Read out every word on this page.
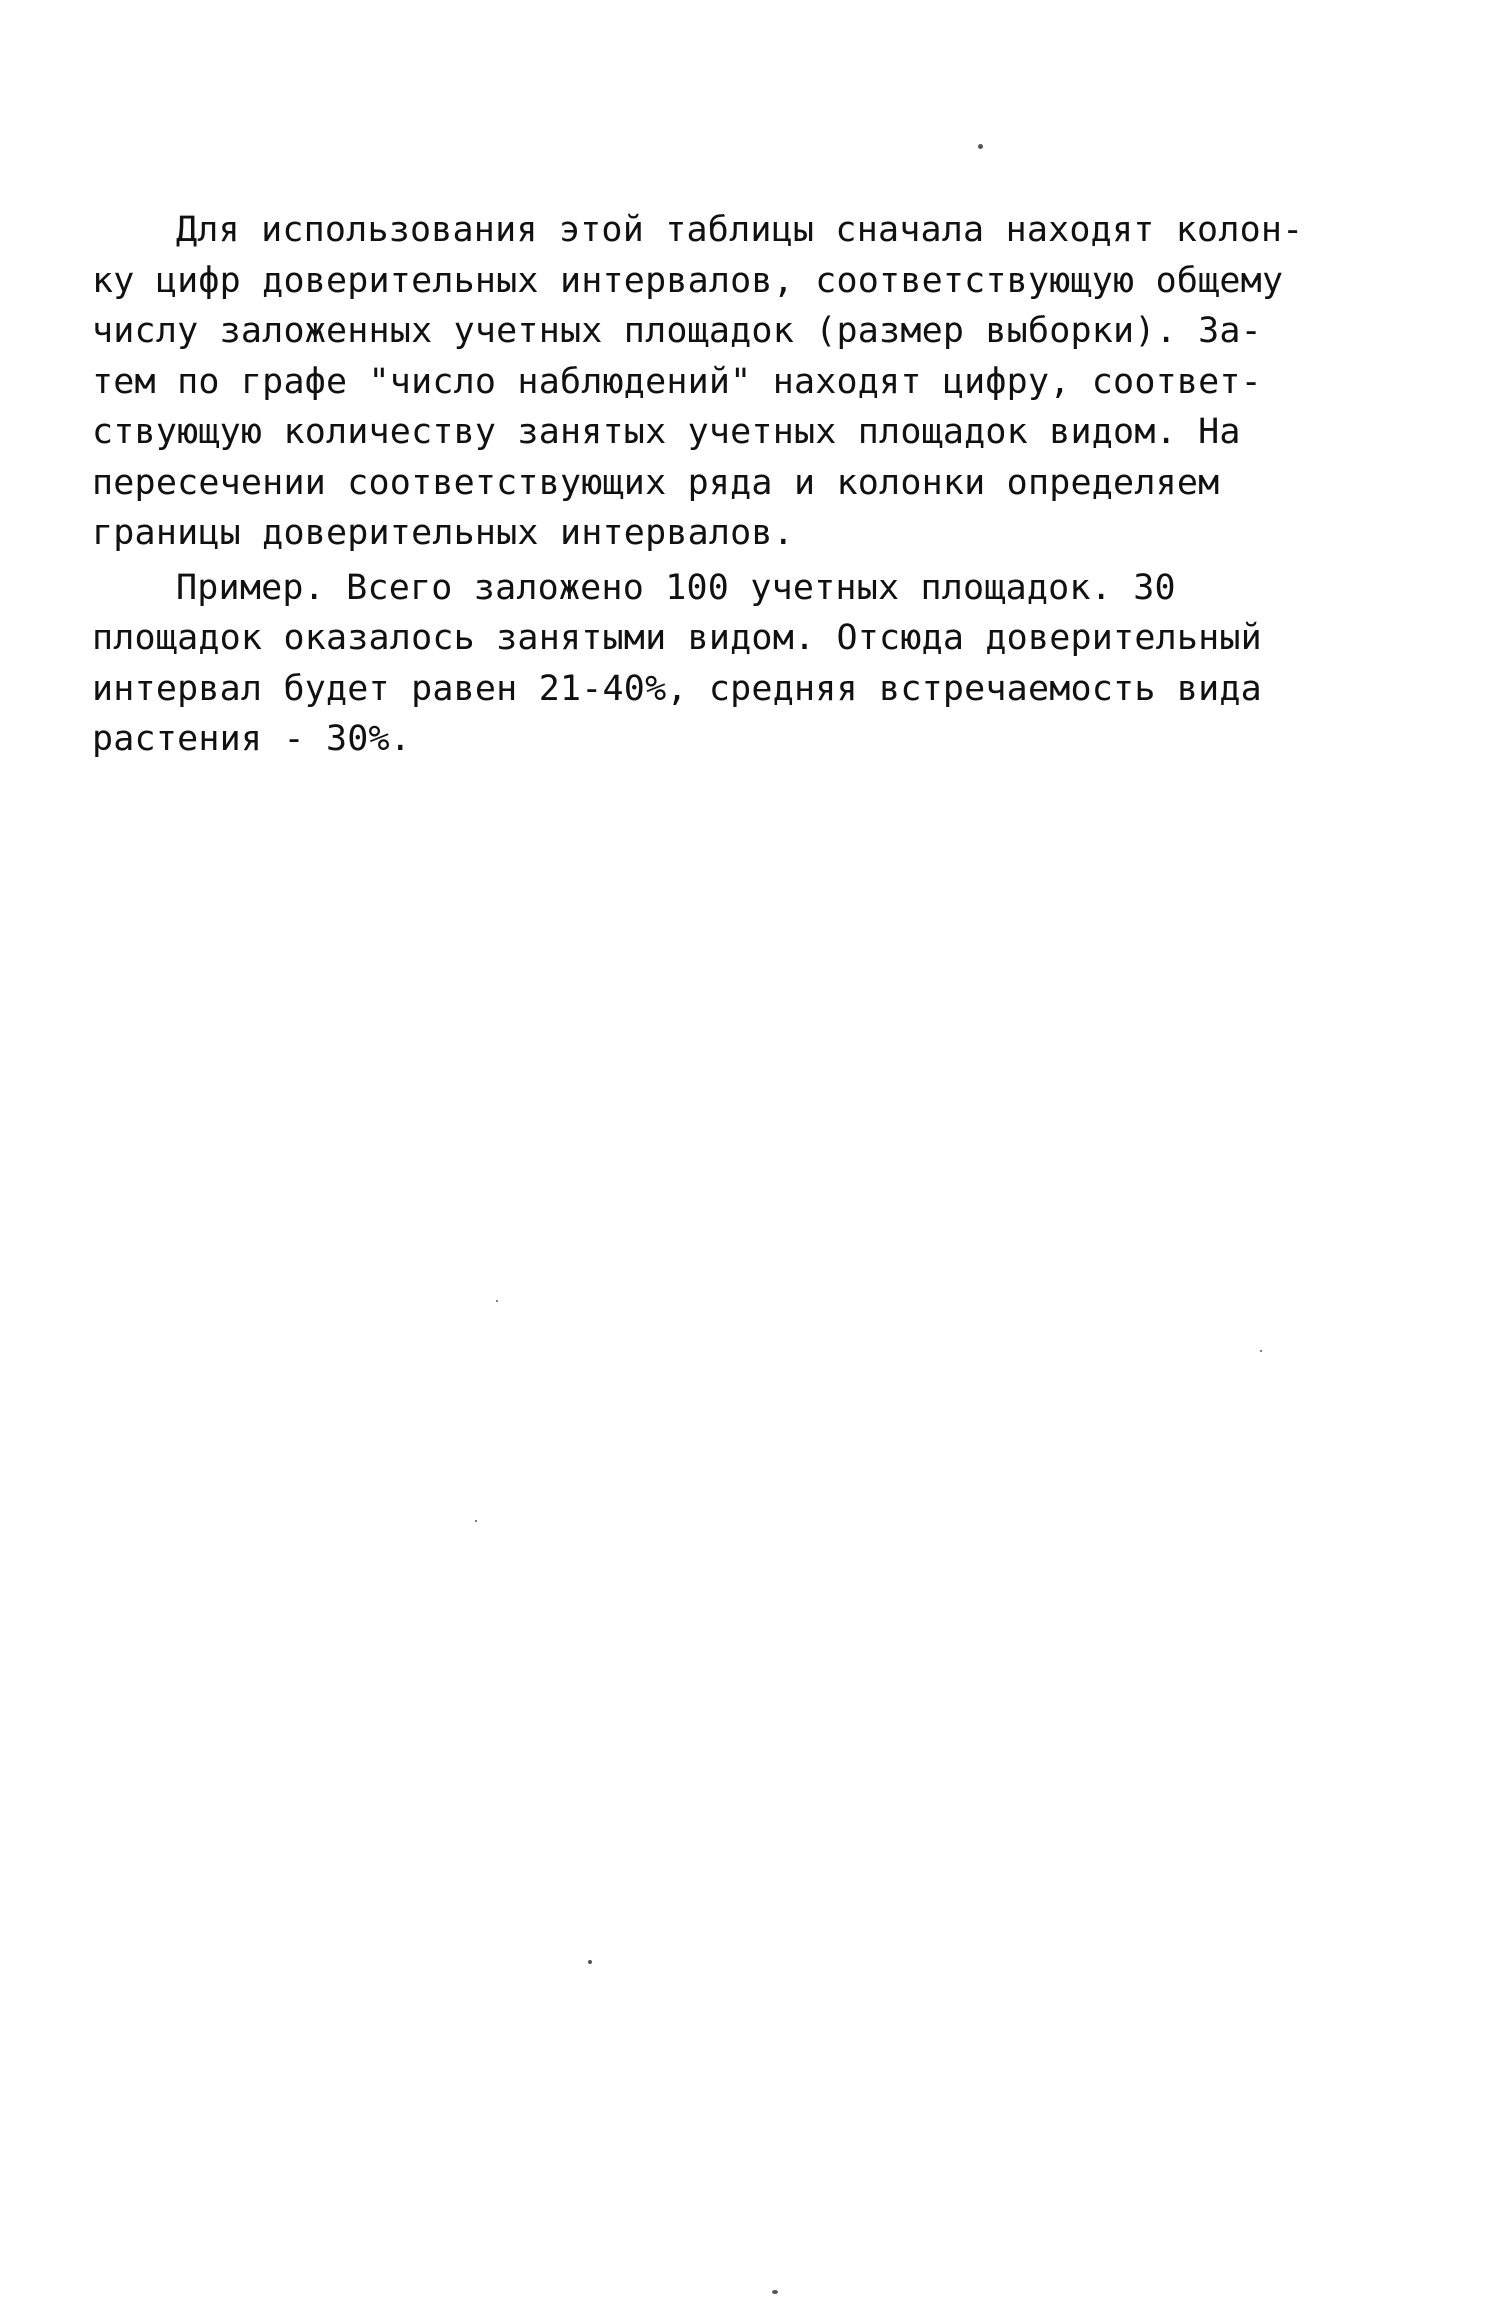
Для использования этой таблицы сначала находят колон-
ку цифр доверительных интервалов, соответствующую общему
числу заложенных учетных площадок (размер выборки). За-
тем по графе "число наблюдений" находят цифру, соответ-
ствующую количеству занятых учетных площадок видом. На
пересечении соответствующих ряда и колонки определяем
границы доверительных интервалов.
Пример. Всего заложено 100 учетных площадок. 30
площадок оказалось занятыми видом. Отсюда доверительный
интервал будет равен 21-40%, средняя встречаемость вида
растения - 30%.
